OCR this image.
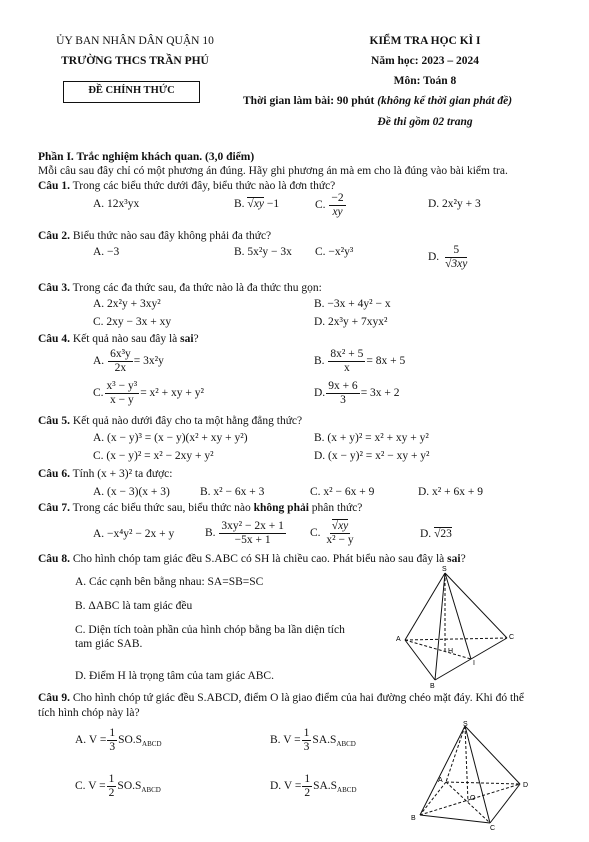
ỦY BAN NHÂN DÂN QUẬN 10
TRƯỜNG THCS TRẦN PHÚ
ĐỀ CHÍNH THỨC
KIỂM TRA HỌC KÌ I
Năm học: 2023 – 2024
Môn: Toán 8
Thời gian làm bài: 90 phút (không kể thời gian phát đề)
Đề thi gồm 02 trang
Phần I. Trắc nghiệm khách quan. (3,0 điểm)
Mỗi câu sau đây chỉ có một phương án đúng. Hãy ghi phương án mà em cho là đúng vào bài kiểm tra.
Câu 1. Trong các biểu thức dưới đây, biểu thức nào là đơn thức?
A. 12x³yx	B. √xy −1	C. $\frac{-2}{xy}$	D. 2x²y + 3
Câu 2. Biểu thức nào sau đây không phải đa thức?
A. −3	B. 5x²y − 3x C. −x²y³	D. $\frac{5}{√3xy}$
Câu 3. Trong các đa thức sau, đa thức nào là đa thức thu gọn:
A. 2x²y + 3xy²	B. −3x + 4y² − x
C. 2xy − 3x + xy	D. 2x³y + 7xyx²
Câu 4. Kết quả nào sau đây là sai?
A. $\frac{\text{6x³y}}{2x} = 3x^2y$	B. $\frac{\text{8x² + 5}}{x} = 8x + 5$
C. $\frac{\text{x³ − y³}}{x - y} = x^2$ + xy + y²	D. $\frac{9x + 6}{3} = 3x + 2$
Câu 5. Kết quả nào dưới đây cho ta một hằng đẳng thức?
A. (x − y)³ = (x − y)(x² + xy + y²)	B. (x + y)² = x² + xy + y²
C. (x − y)² = x² − 2xy + y²	D. (x − y)² = x² − xy + y²
Câu 6. Tính (x + 3)² ta được:
A. (x − 3)(x + 3)	B. x² − 6x + 3	C. x² − 6x + 9	D. x² + 6x + 9
Câu 7. Trong các biểu thức sau, biểu thức nào không phải phân thức?
A. −x⁴y² − 2x + y	B. $\frac{\text{3xy² − 2x + 1}}{-5x + 1} C$. $\frac{√xy}{\text{x² − y}}$	D. √23
Câu 8. Cho hình chóp tam giác đều S.ABC có SH là chiều cao. Phát biểu nào sau đây là sai?
A. Các cạnh bên bằng nhau: SA=SB=SC
B. ΔABC là tam giác đều
C. Diện tích toàn phần của hình chóp bằng ba lần diện tích
tam giác SAB.
D. Điểm H là trọng tâm của tam giác ABC.
S
A
B
C
H
I
Câu 9. Cho hình chóp tứ giác đều S.ABCD, điểm O là giao điểm của hai đường chéo mặt đáy. Khi đó thể
tích hình chóp này là?
A. $V = \frac{1}{3} SO.S_{ABCD}$	B. $V = \frac{1}{3} SA.S_{ABCD}$
C. $V = \frac{1}{2} SO.S_{ABCD}$	D. $V = \frac{1}{2} SA.S_{ABCD}$
S
A
B
C
D
O
